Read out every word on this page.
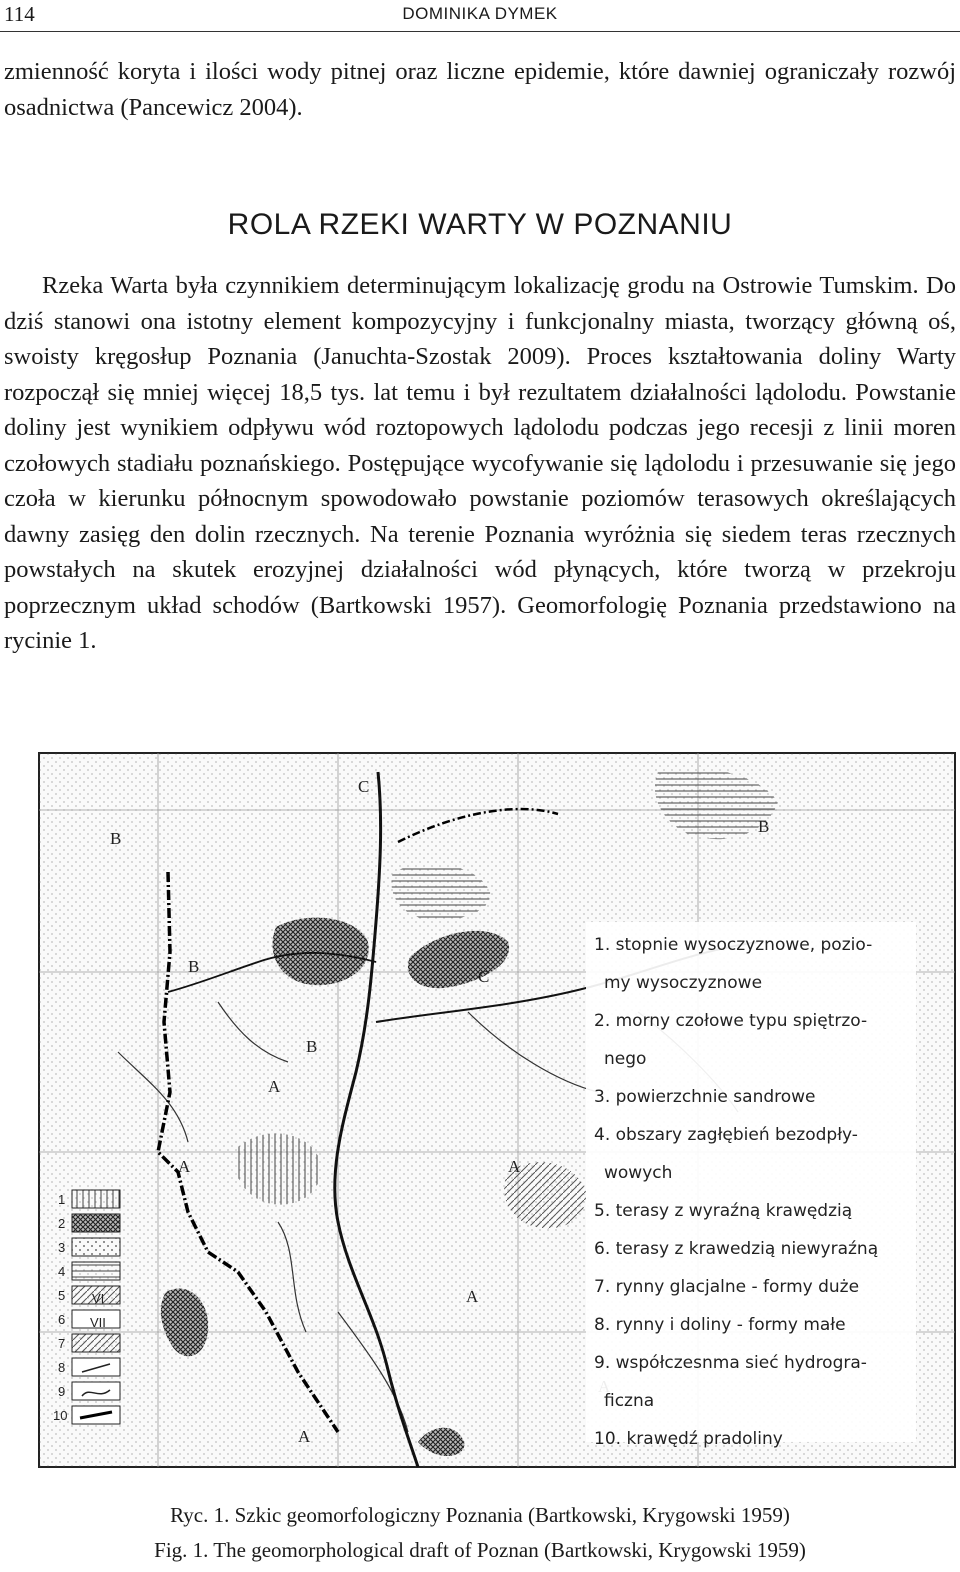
114	DOMINIKA DYMEK

zmienność koryta i ilości wody pitnej oraz liczne epidemie, które dawniej ograniczały rozwój osadnictwa (Pancewicz 2004).

ROLA RZEKI WARTY W POZNANIU

Rzeka Warta była czynnikiem determinującym lokalizację grodu na Ostrowie Tumskim. Do dziś stanowi ona istotny element kompozycyjny i funkcjonalny miasta, tworzący główną oś, swoisty kręgosłup Poznania (Januchta-Szostak 2009). Proces kształtowania doliny Warty rozpoczął się mniej więcej 18,5 tys. lat temu i był rezultatem działalności lądolodu. Powstanie doliny jest wynikiem odpływu wód roztopowych lądolodu podczas jego recesji z linii moren czołowych stadiału poznańskiego. Postępujące wycofywanie się lądolodu i przesuwanie się jego czoła w kierunku północnym spowodowało powstanie poziomów terasowych określających dawny zasięg den dolin rzecznych. Na terenie Poznania wyróżnia się siedem teras rzecznych powstałych na skutek erozyjnej działalności wód płynących, które tworzą w przekroju poprzecznym układ schodów (Bartkowski 1957). Geomorfologię Poznania przedstawiono na rycinie 1.

1
2
3
4
5
6
7
8
9
10
VII
VI
B
B
B
A
C
C
A
A
A
A
B
1. stopnie wysoczyznowe, pozio-
my wysoczyznowe
2. morny czołowe typu spiętrzo-
nego
3. powierzchnie sandrowe
4. obszary zagłębień bezodpły-
wowych
5. terasy z wyraźną krawędzią
6. terasy z krawedzią niewyraźną
7. rynny glacjalne - formy duże
8. rynny i doliny - formy małe
9. współczesnma sieć hydrogra-
ficzna
10. krawędź pradoliny
Ryc. 1. Szkic geomorfologiczny Poznania (Bartkowski, Krygowski 1959)
Fig. 1. The geomorphological draft of Poznan (Bartkowski, Krygowski 1959)
